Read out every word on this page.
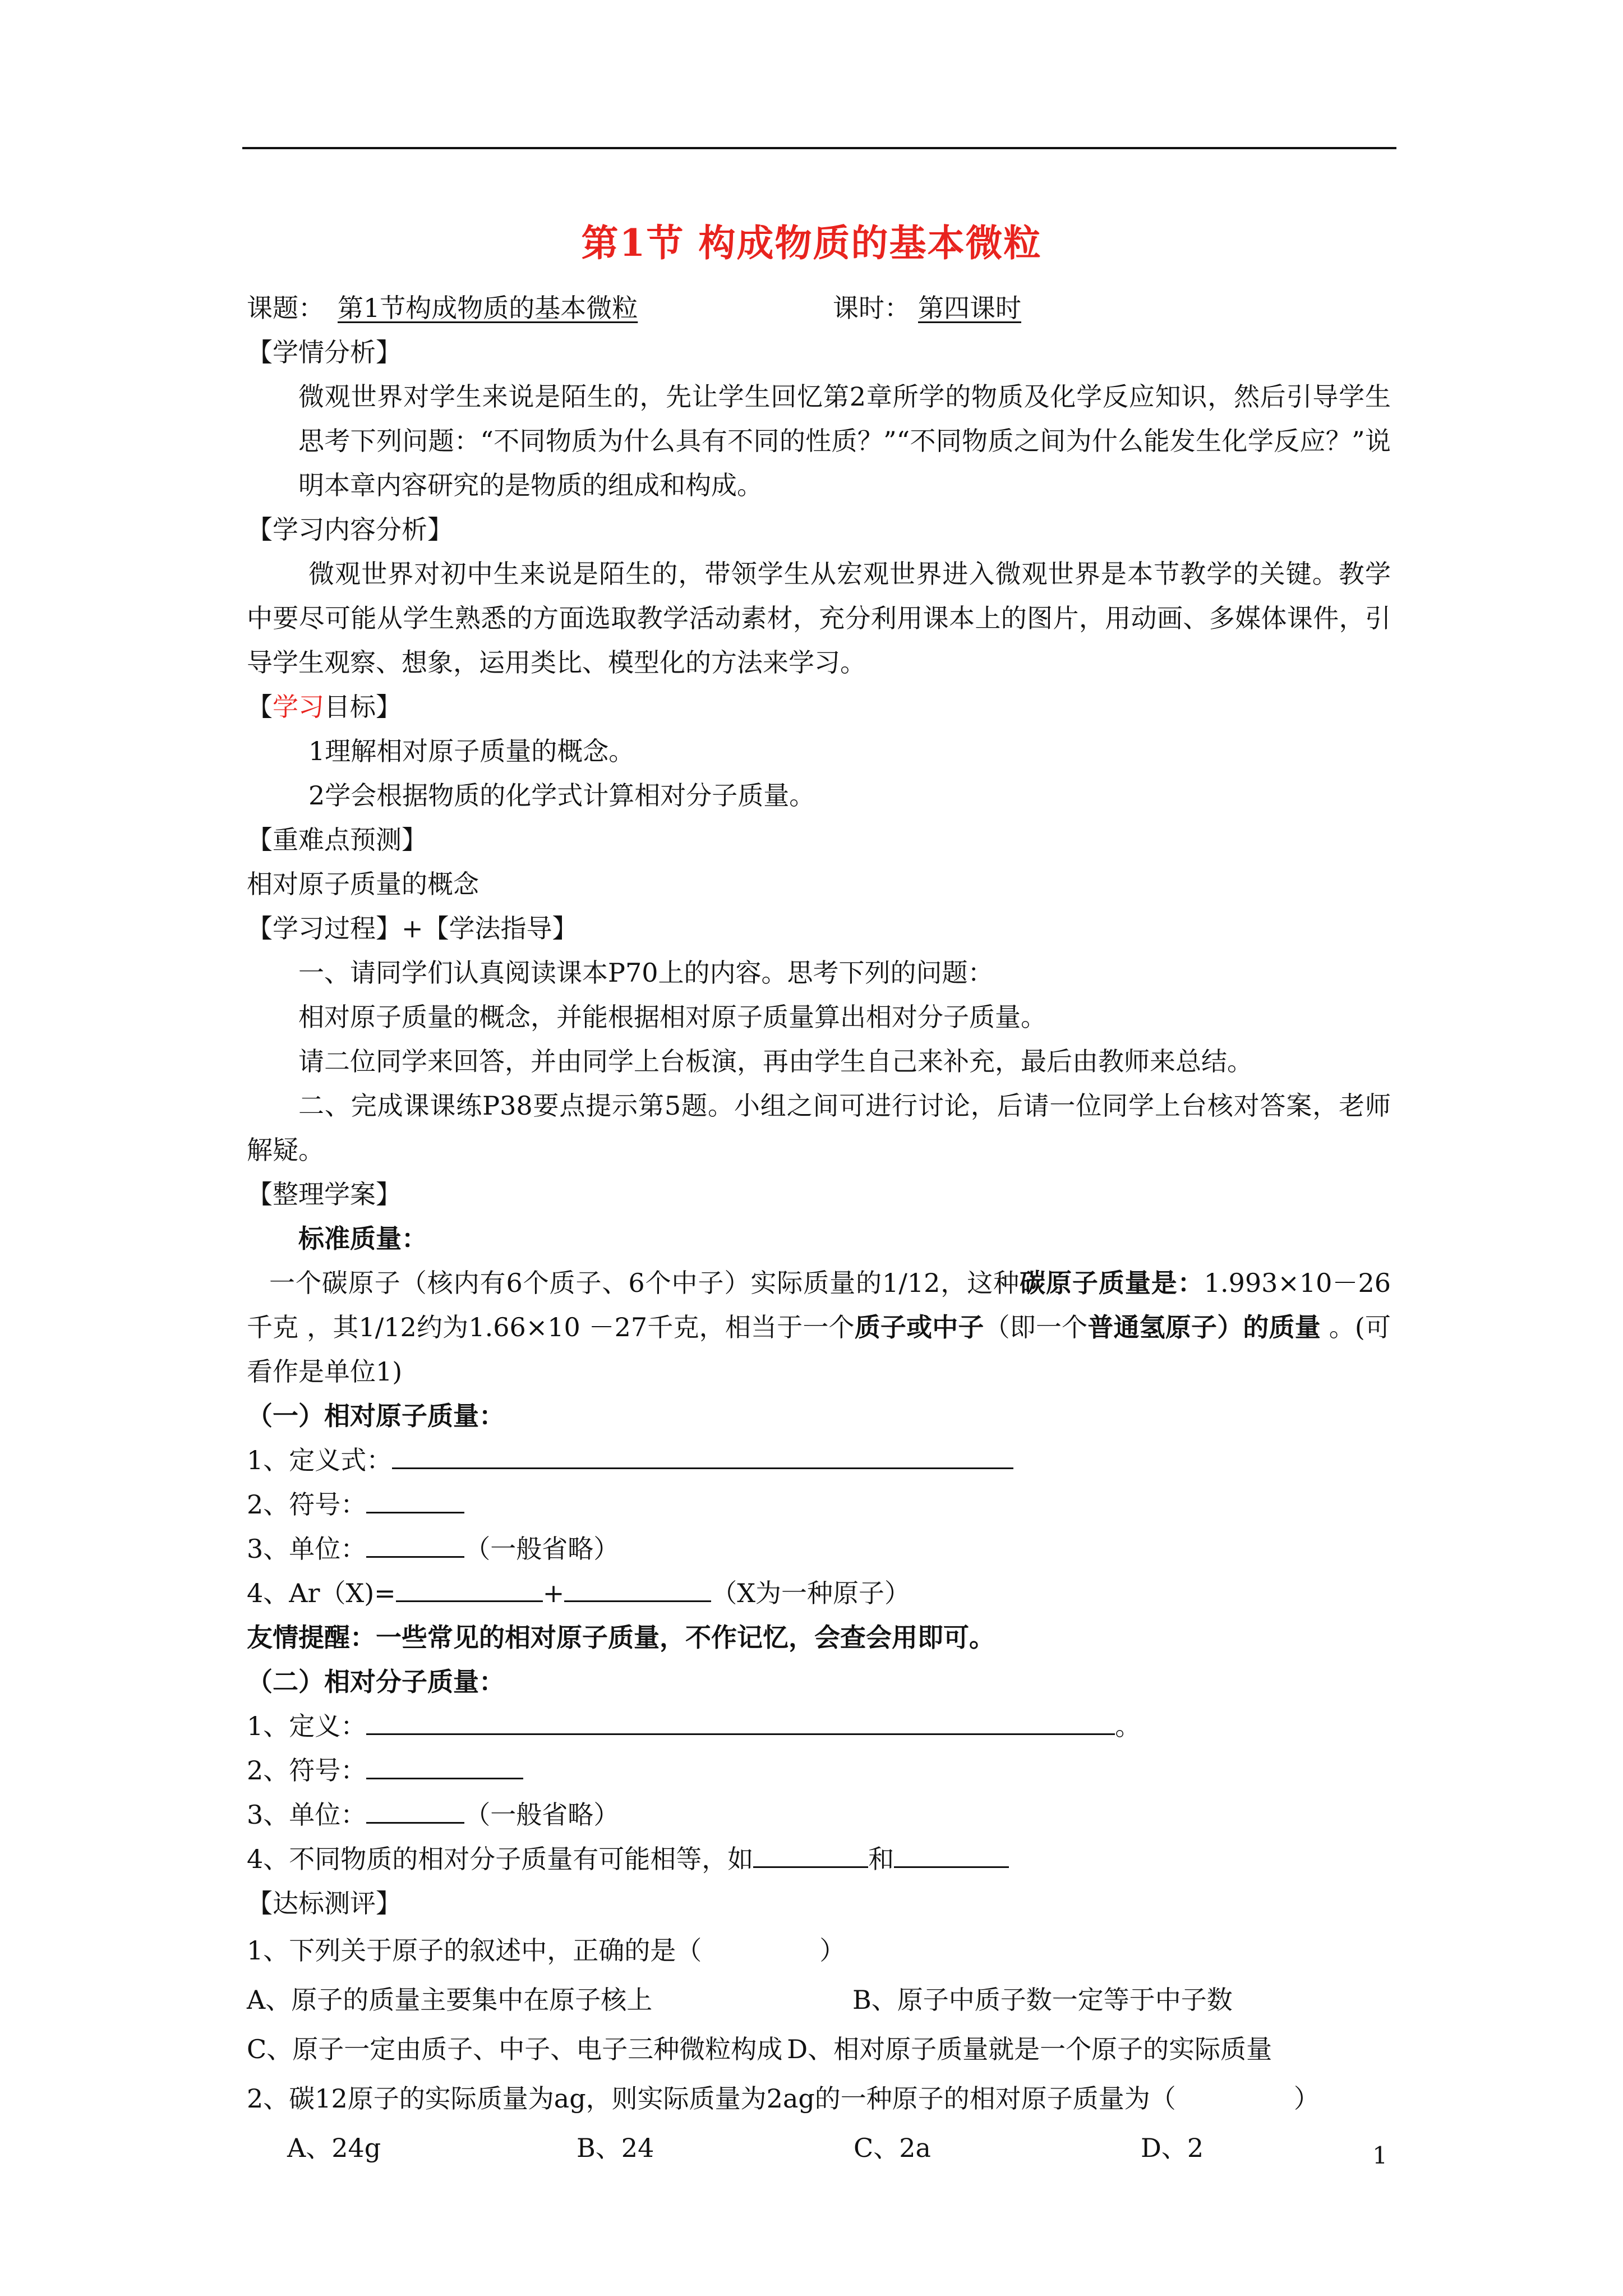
第1节 构成物质的基本微粒
课题： 第1节构成物质的基本微粒	课时： 第四课时
【学情分析】
微观世界对学生来说是陌生的，先让学生回忆第2章所学的物质及化学反应知识，然后引导学生思考下列问题：“不同物质为什么具有不同的性质？”“不同物质之间为什么能发生化学反应？”说明本章内容研究的是物质的组成和构成。
【学习内容分析】
微观世界对初中生来说是陌生的，带领学生从宏观世界进入微观世界是本节教学的关键。教学中要尽可能从学生熟悉的方面选取教学活动素材，充分利用课本上的图片，用动画、多媒体课件，引导学生观察、想象，运用类比、模型化的方法来学习。
【学习目标】
1理解相对原子质量的概念。
2学会根据物质的化学式计算相对分子质量。
【重难点预测】
相对原子质量的概念
【学习过程】+【学法指导】
一、请同学们认真阅读课本P70上的内容。思考下列的问题：
相对原子质量的概念，并能根据相对原子质量算出相对分子质量。
请二位同学来回答，并由同学上台板演，再由学生自己来补充，最后由教师来总结。
二、完成课课练P38要点提示第5题。小组之间可进行讨论，后请一位同学上台核对答案，老师解疑。
【整理学案】
标准质量：
一个碳原子（核内有6个质子、6个中子）实际质量的1/12，这种碳原子质量是：1.993×10－26 千克 ，其1/12约为1.66×10 －27千克，相当于一个质子或中子（即一个普通氢原子）的质量 。(可看作是单位1)
（一）相对原子质量：
1、定义式：
2、符号：
3、单位：	（一般省略）
4、Ar（X)=	+	（X为一种原子）
友情提醒：一些常见的相对原子质量，不作记忆，会查会用即可。
（二）相对分子质量：
1、定义：	。
2、符号：
3、单位：	（一般省略）
4、不同物质的相对分子质量有可能相等，如	和
【达标测评】
1、下列关于原子的叙述中，正确的是（	）
A、原子的质量主要集中在原子核上	B、原子中质子数一定等于中子数
C、原子一定由质子、中子、电子三种微粒构成 D、相对原子质量就是一个原子的实际质量
2、碳12原子的实际质量为ag，则实际质量为2ag的一种原子的相对原子质量为（	）
A、24g	B、24	C、2a	D、2	1
